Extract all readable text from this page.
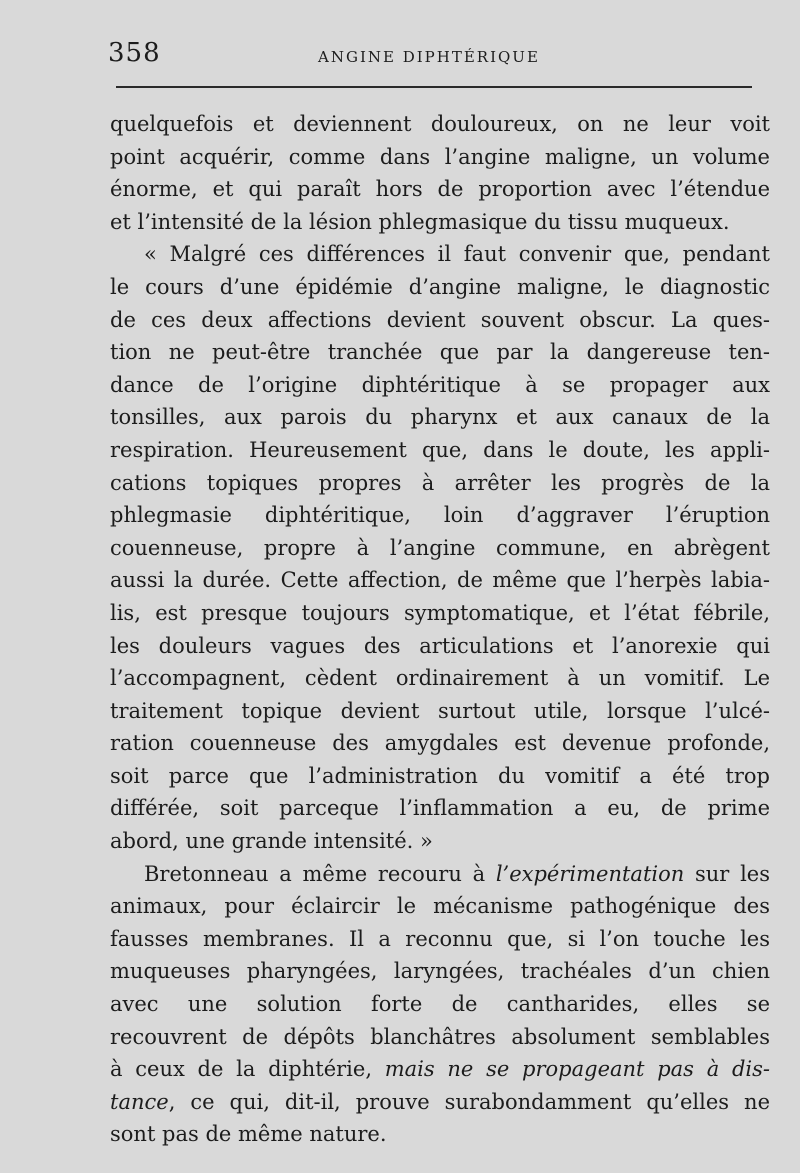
358	ANGINE DIPHTÉRIQUE
quelquefois et deviennent douloureux, on ne leur voit
point acquérir, comme dans l’angine maligne, un volume
énorme, et qui paraît hors de proportion avec l’étendue
et l’intensité de la lésion phlegmasique du tissu muqueux.
« Malgré ces différences il faut convenir que, pendant
le cours d’une épidémie d’angine maligne, le diagnostic
de ces deux affections devient souvent obscur. La ques-
tion ne peut-être tranchée que par la dangereuse ten-
dance de l’origine diphtéritique à se propager aux
tonsilles, aux parois du pharynx et aux canaux de la
respiration. Heureusement que, dans le doute, les appli-
cations topiques propres à arrêter les progrès de la
phlegmasie diphtéritique, loin d’aggraver l’éruption
couenneuse, propre à l’angine commune, en abrègent
aussi la durée. Cette affection, de même que l’herpès labia-
lis, est presque toujours symptomatique, et l’état fébrile,
les douleurs vagues des articulations et l’anorexie qui
l’accompagnent, cèdent ordinairement à un vomitif. Le
traitement topique devient surtout utile, lorsque l’ulcé-
ration couenneuse des amygdales est devenue profonde,
soit parce que l’administration du vomitif a été trop
différée, soit parceque l’inflammation a eu, de prime
abord, une grande intensité. »
Bretonneau a même recouru à l’expérimentation sur les
animaux, pour éclaircir le mécanisme pathogénique des
fausses membranes. Il a reconnu que, si l’on touche les
muqueuses pharyngées, laryngées, trachéales d’un chien
avec une solution forte de cantharides, elles se
recouvrent de dépôts blanchâtres absolument semblables
à ceux de la diphtérie, mais ne se propageant pas à dis-
tance, ce qui, dit-il, prouve surabondamment qu’elles ne
sont pas de même nature.
